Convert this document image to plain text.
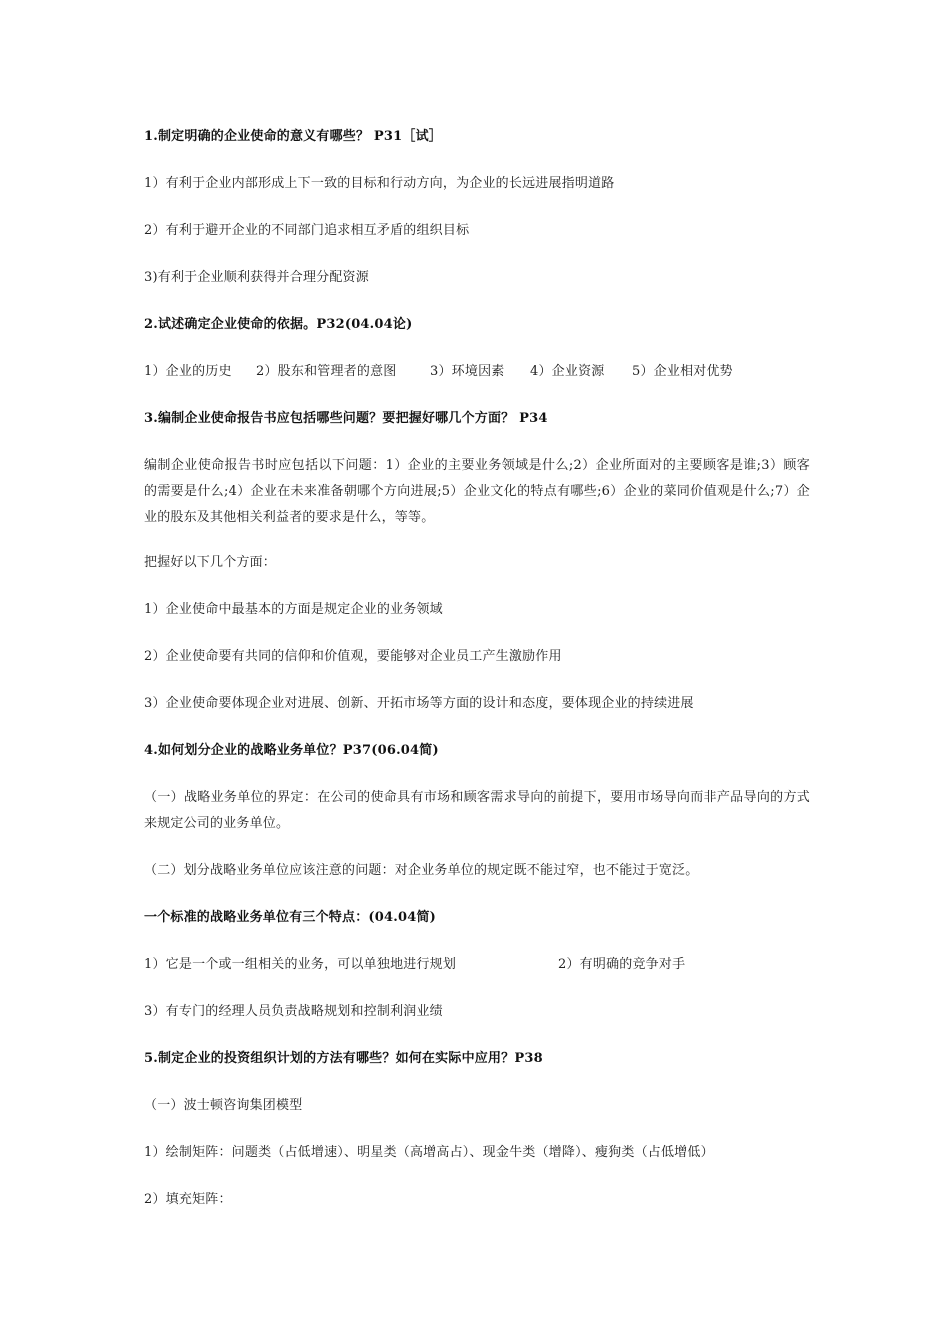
1.制定明确的企业使命的意义有哪些？ P31［试］
1）有利于企业内部形成上下一致的目标和行动方向，为企业的长远进展指明道路
2）有利于避开企业的不同部门追求相互矛盾的组织目标
3)有利于企业顺利获得并合理分配资源
2.试述确定企业使命的依据。P32(04.04论)
1）企业的历史 2）股东和管理者的意图	3）环境因素 4）企业资源 5）企业相对优势
3.编制企业使命报告书应包括哪些问题？要把握好哪几个方面？ P34
编制企业使命报告书时应包括以下问题：1）企业的主要业务领域是什么;2）企业所面对的主要顾客是谁;3）顾客的需要是什么;4）企业在未来准备朝哪个方向进展;5）企业文化的特点有哪些;6）企业的菜同价值观是什么;7）企业的股东及其他相关利益者的要求是什么，等等。
把握好以下几个方面：
1）企业使命中最基本的方面是规定企业的业务领域
2）企业使命要有共同的信仰和价值观，要能够对企业员工产生激励作用
3）企业使命要体现企业对进展、创新、开拓市场等方面的设计和态度，要体现企业的持续进展
4.如何划分企业的战略业务单位？P37(06.04简)
（一）战略业务单位的界定：在公司的使命具有市场和顾客需求导向的前提下，要用市场导向而非产品导向的方式来规定公司的业务单位。
（二）划分战略业务单位应该注意的问题：对企业务单位的规定既不能过窄，也不能过于宽泛。
一个标准的战略业务单位有三个特点：(04.04简)
1）它是一个或一组相关的业务，可以单独地进行规划	2）有明确的竞争对手
3）有专门的经理人员负责战略规划和控制利润业绩
5.制定企业的投资组织计划的方法有哪些？如何在实际中应用？P38
（一）波士顿咨询集团模型
1）绘制矩阵：问题类（占低增速）、明星类（高增高占）、现金牛类（增降）、瘦狗类（占低增低）
2）填充矩阵：
